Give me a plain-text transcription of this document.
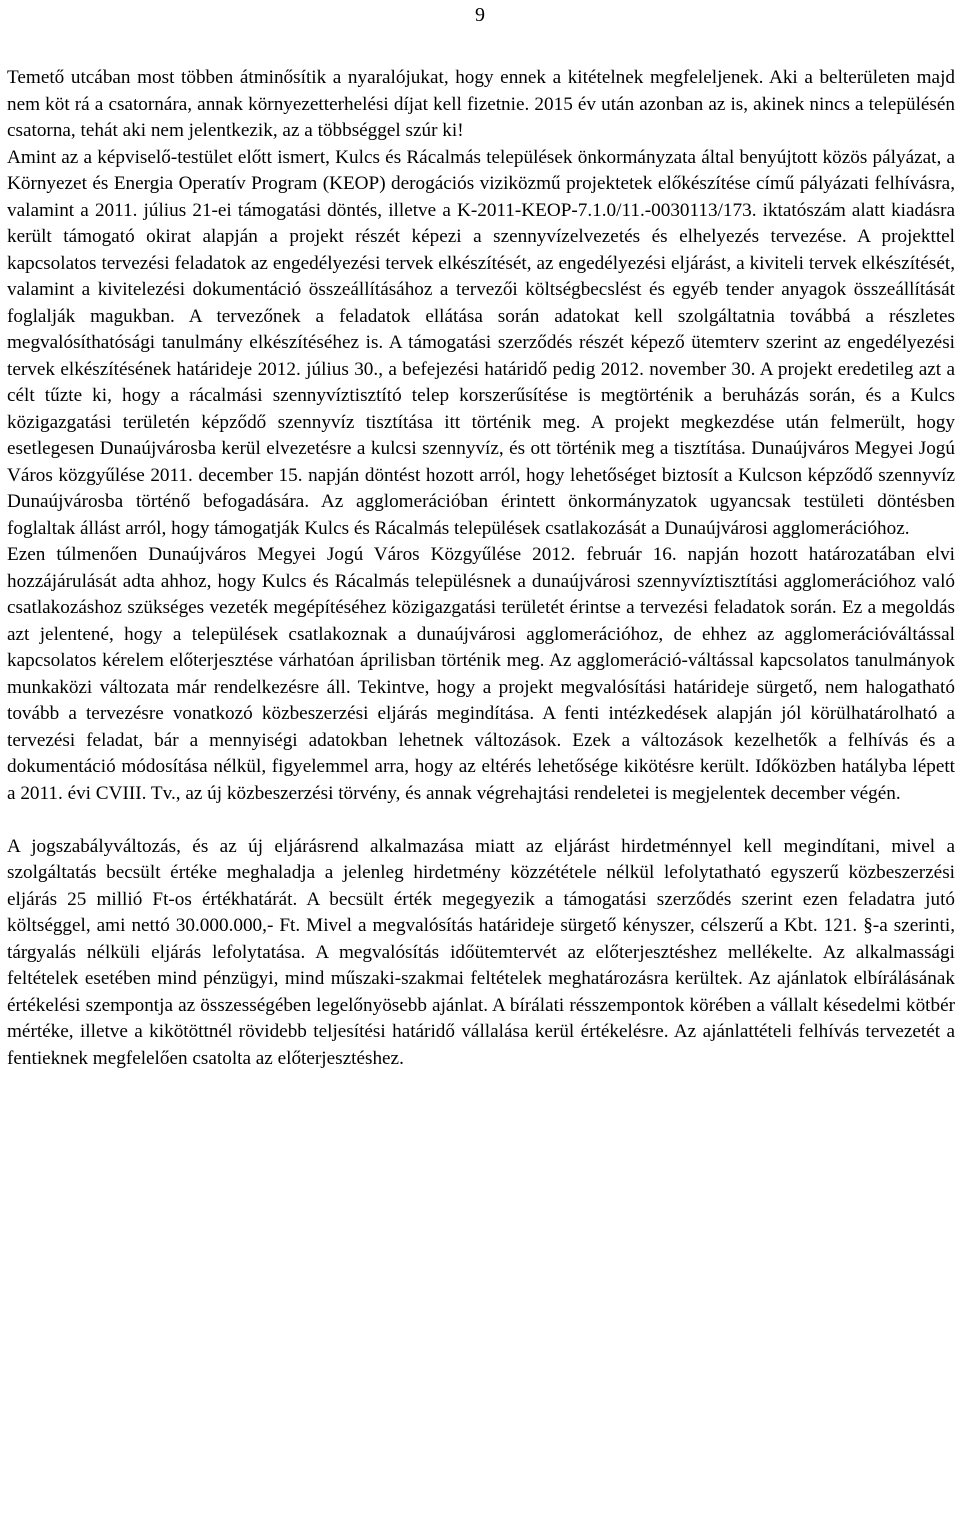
9

Temető utcában most többen átminősítik a nyaralójukat, hogy ennek a kitételnek megfeleljenek. Aki a belterületen majd nem köt rá a csatornára, annak környezetterhelési díjat kell fizetnie. 2015 év után azonban az is, akinek nincs a településén csatorna, tehát aki nem jelentkezik, az a többséggel szúr ki!

Amint az a képviselő-testület előtt ismert, Kulcs és Rácalmás települések önkormányzata által benyújtott közös pályázat, a Környezet és Energia Operatív Program (KEOP) derogációs viziközmű projektetek előkészítése című pályázati felhívásra, valamint a 2011. július 21-ei támogatási döntés, illetve a K-2011-KEOP-7.1.0/11.-0030113/173. iktatószám alatt kiadásra került támogató okirat alapján a projekt részét képezi a szennyvízelvezetés és elhelyezés tervezése. A projekttel kapcsolatos tervezési feladatok az engedélyezési tervek elkészítését, az engedélyezési eljárást, a kiviteli tervek elkészítését, valamint a kivitelezési dokumentáció összeállításához a tervezői költségbecslést és egyéb tender anyagok összeállítását foglalják magukban. A tervezőnek a feladatok ellátása során adatokat kell szolgáltatnia továbbá a részletes megvalósíthatósági tanulmány elkészítéséhez is. A támogatási szerződés részét képező ütemterv szerint az engedélyezési tervek elkészítésének határideje 2012. július 30., a befejezési határidő pedig 2012. november 30. A projekt eredetileg azt a célt tűzte ki, hogy a rácalmási szennyvíztisztító telep korszerűsítése is megtörténik a beruházás során, és a Kulcs közigazgatási területén képződő szennyvíz tisztítása itt történik meg. A projekt megkezdése után felmerült, hogy esetlegesen Dunaújvárosba kerül elvezetésre a kulcsi szennyvíz, és ott történik meg a tisztítása. Dunaújváros Megyei Jogú Város közgyűlése 2011. december 15. napján döntést hozott arról, hogy lehetőséget biztosít a Kulcson képződő szennyvíz Dunaújvárosba történő befogadására. Az agglomerációban érintett önkormányzatok ugyancsak testületi döntésben foglaltak állást arról, hogy támogatják Kulcs és Rácalmás települések csatlakozását a Dunaújvárosi agglomerációhoz.

Ezen túlmenően Dunaújváros Megyei Jogú Város Közgyűlése 2012. február 16. napján hozott határozatában elvi hozzájárulását adta ahhoz, hogy Kulcs és Rácalmás településnek a dunaújvárosi szennyvíztisztítási agglomerációhoz való csatlakozáshoz szükséges vezeték megépítéséhez közigazgatási területét érintse a tervezési feladatok során. Ez a megoldás azt jelentené, hogy a települések csatlakoznak a dunaújvárosi agglomerációhoz, de ehhez az agglomerációváltással kapcsolatos kérelem előterjesztése várhatóan áprilisban történik meg. Az agglomeráció-váltással kapcsolatos tanulmányok munkaközi változata már rendelkezésre áll. Tekintve, hogy a projekt megvalósítási határideje sürgető, nem halogatható tovább a tervezésre vonatkozó közbeszerzési eljárás megindítása. A fenti intézkedések alapján jól körülhatárolható a tervezési feladat, bár a mennyiségi adatokban lehetnek változások. Ezek a változások kezelhetők a felhívás és a dokumentáció módosítása nélkül, figyelemmel arra, hogy az eltérés lehetősége kikötésre került. Időközben hatályba lépett a 2011. évi CVIII. Tv., az új közbeszerzési törvény, és annak végrehajtási rendeletei is megjelentek december végén.

A jogszabályváltozás, és az új eljárásrend alkalmazása miatt az eljárást hirdetménnyel kell megindítani, mivel a szolgáltatás becsült értéke meghaladja a jelenleg hirdetmény közzététele nélkül lefolytatható egyszerű közbeszerzési eljárás 25 millió Ft-os értékhatárát. A becsült érték megegyezik a támogatási szerződés szerint ezen feladatra jutó költséggel, ami nettó 30.000.000,- Ft. Mivel a megvalósítás határideje sürgető kényszer, célszerű a Kbt. 121. §-a szerinti, tárgyalás nélküli eljárás lefolytatása. A megvalósítás időütemtervét az előterjesztéshez mellékelte. Az alkalmassági feltételek esetében mind pénzügyi, mind műszaki-szakmai feltételek meghatározásra kerültek. Az ajánlatok elbírálásának értékelési szempontja az összességében legelőnyösebb ajánlat. A bírálati résszempontok körében a vállalt késedelmi kötbér mértéke, illetve a kikötöttnél rövidebb teljesítési határidő vállalása kerül értékelésre. Az ajánlattételi felhívás tervezetét a fentieknek megfelelően csatolta az előterjesztéshez.
